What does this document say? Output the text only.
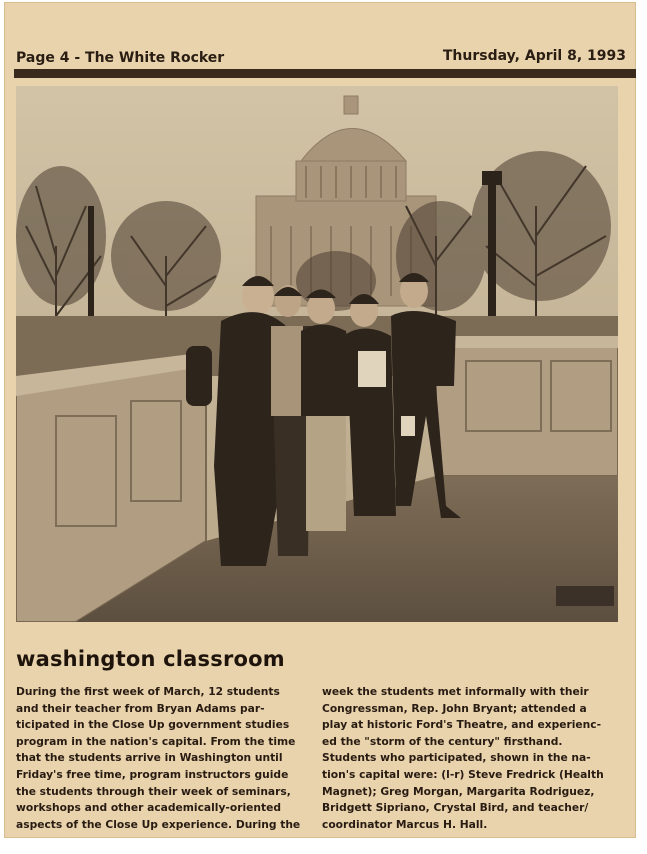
Page 4 - The White Rocker	Thursday, April 8, 1993
washington classroom
During the first week of March, 12 students
and their teacher from Bryan Adams par-
ticipated in the Close Up government studies
program in the nation's capital. From the time
that the students arrive in Washington until
Friday's free time, program instructors guide
the students through their week of seminars,
workshops and other academically-oriented
aspects of the Close Up experience. During the
week the students met informally with their
Congressman, Rep. John Bryant; attended a
play at historic Ford's Theatre, and experienc-
ed the "storm of the century" firsthand.
Students who participated, shown in the na-
tion's capital were: (l-r) Steve Fredrick (Health
Magnet); Greg Morgan, Margarita Rodriguez,
Bridgett Sipriano, Crystal Bird, and teacher/
coordinator Marcus H. Hall.
